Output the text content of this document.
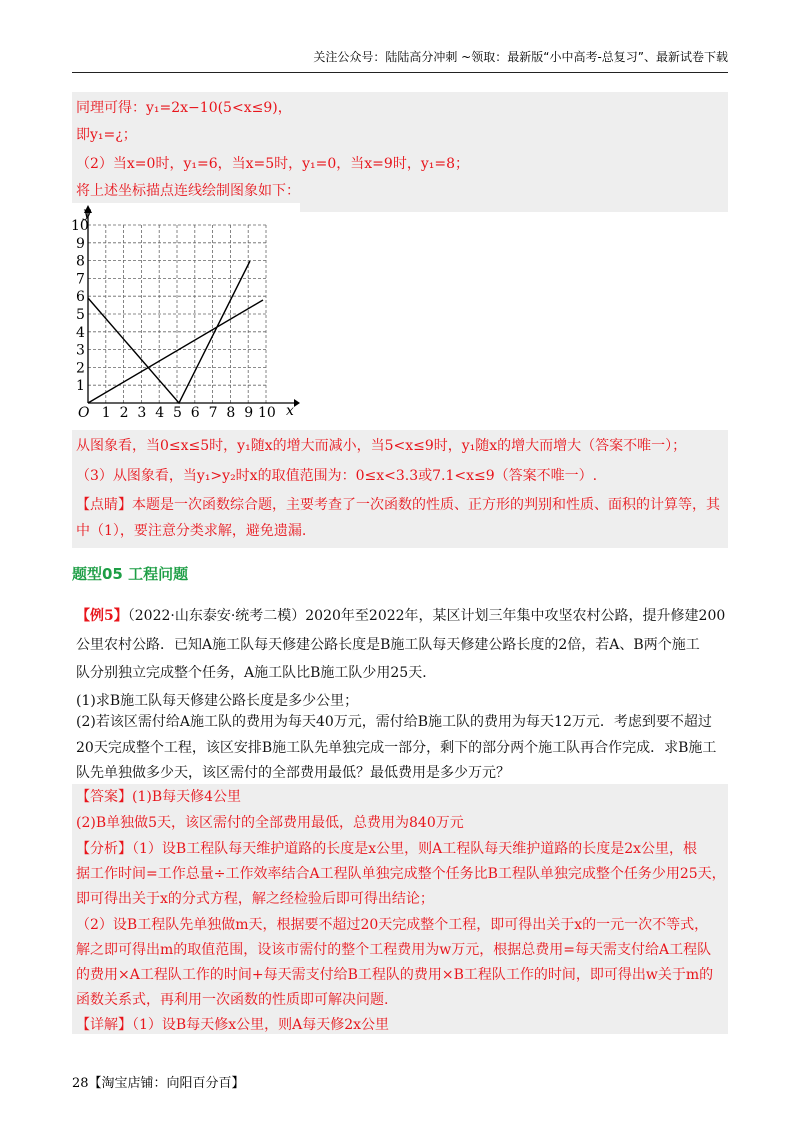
关注公众号：陆陆高分冲刺 ~领取：最新版“小中高考-总复习”、最新试卷下载
同理可得：y₁=2x−10(5<x≤9)，
即y₁=¿；
（2）当x=0时，y₁=6，当x=5时，y₁=0，当x=9时，y₁=8；
将上述坐标描点连线绘制图象如下：
y
x
O 1 2 3 4 5 6 7 8 9 10
1
2
3
4
5
6
7
8
9
10
从图象看，当0≤x≤5时，y₁随x的增大而减小，当5<x≤9时，y₁随x的增大而增大（答案不唯一）；
（3）从图象看，当y₁>y₂时x的取值范围为：0≤x<3.3或7.1<x≤9（答案不唯一）.
【点睛】本题是一次函数综合题，主要考查了一次函数的性质、正方形的判别和性质、面积的计算等，其
中（1），要注意分类求解，避免遗漏.
题型05 工程问题
【例5】（2022·山东泰安·统考二模）2020年至2022年，某区计划三年集中攻坚农村公路，提升修建200
公里农村公路．已知A施工队每天修建公路长度是B施工队每天修建公路长度的2倍，若A、B两个施工
队分别独立完成整个任务，A施工队比B施工队少用25天．
(1)求B施工队每天修建公路长度是多少公里；
(2)若该区需付给A施工队的费用为每天40万元，需付给B施工队的费用为每天12万元．考虑到要不超过
20天完成整个工程，该区安排B施工队先单独完成一部分，剩下的部分两个施工队再合作完成．求B施工
队先单独做多少天，该区需付的全部费用最低？最低费用是多少万元？
【答案】(1)B每天修4公里
(2)B单独做5天，该区需付的全部费用最低，总费用为840万元
【分析】（1）设B工程队每天维护道路的长度是x公里，则A工程队每天维护道路的长度是2x公里，根
据工作时间=工作总量÷工作效率结合A工程队单独完成整个任务比B工程队单独完成整个任务少用25天，
即可得出关于x的分式方程，解之经检验后即可得出结论；
（2）设B工程队先单独做m天，根据要不超过20天完成整个工程，即可得出关于x的一元一次不等式，
解之即可得出m的取值范围，设该市需付的整个工程费用为w万元，根据总费用=每天需支付给A工程队
的费用×A工程队工作的时间+每天需支付给B工程队的费用×B工程队工作的时间，即可得出w关于m的
函数关系式，再利用一次函数的性质即可解决问题.
【详解】（1）设B每天修x公里，则A每天修2x公里
28【淘宝店铺：向阳百分百】
